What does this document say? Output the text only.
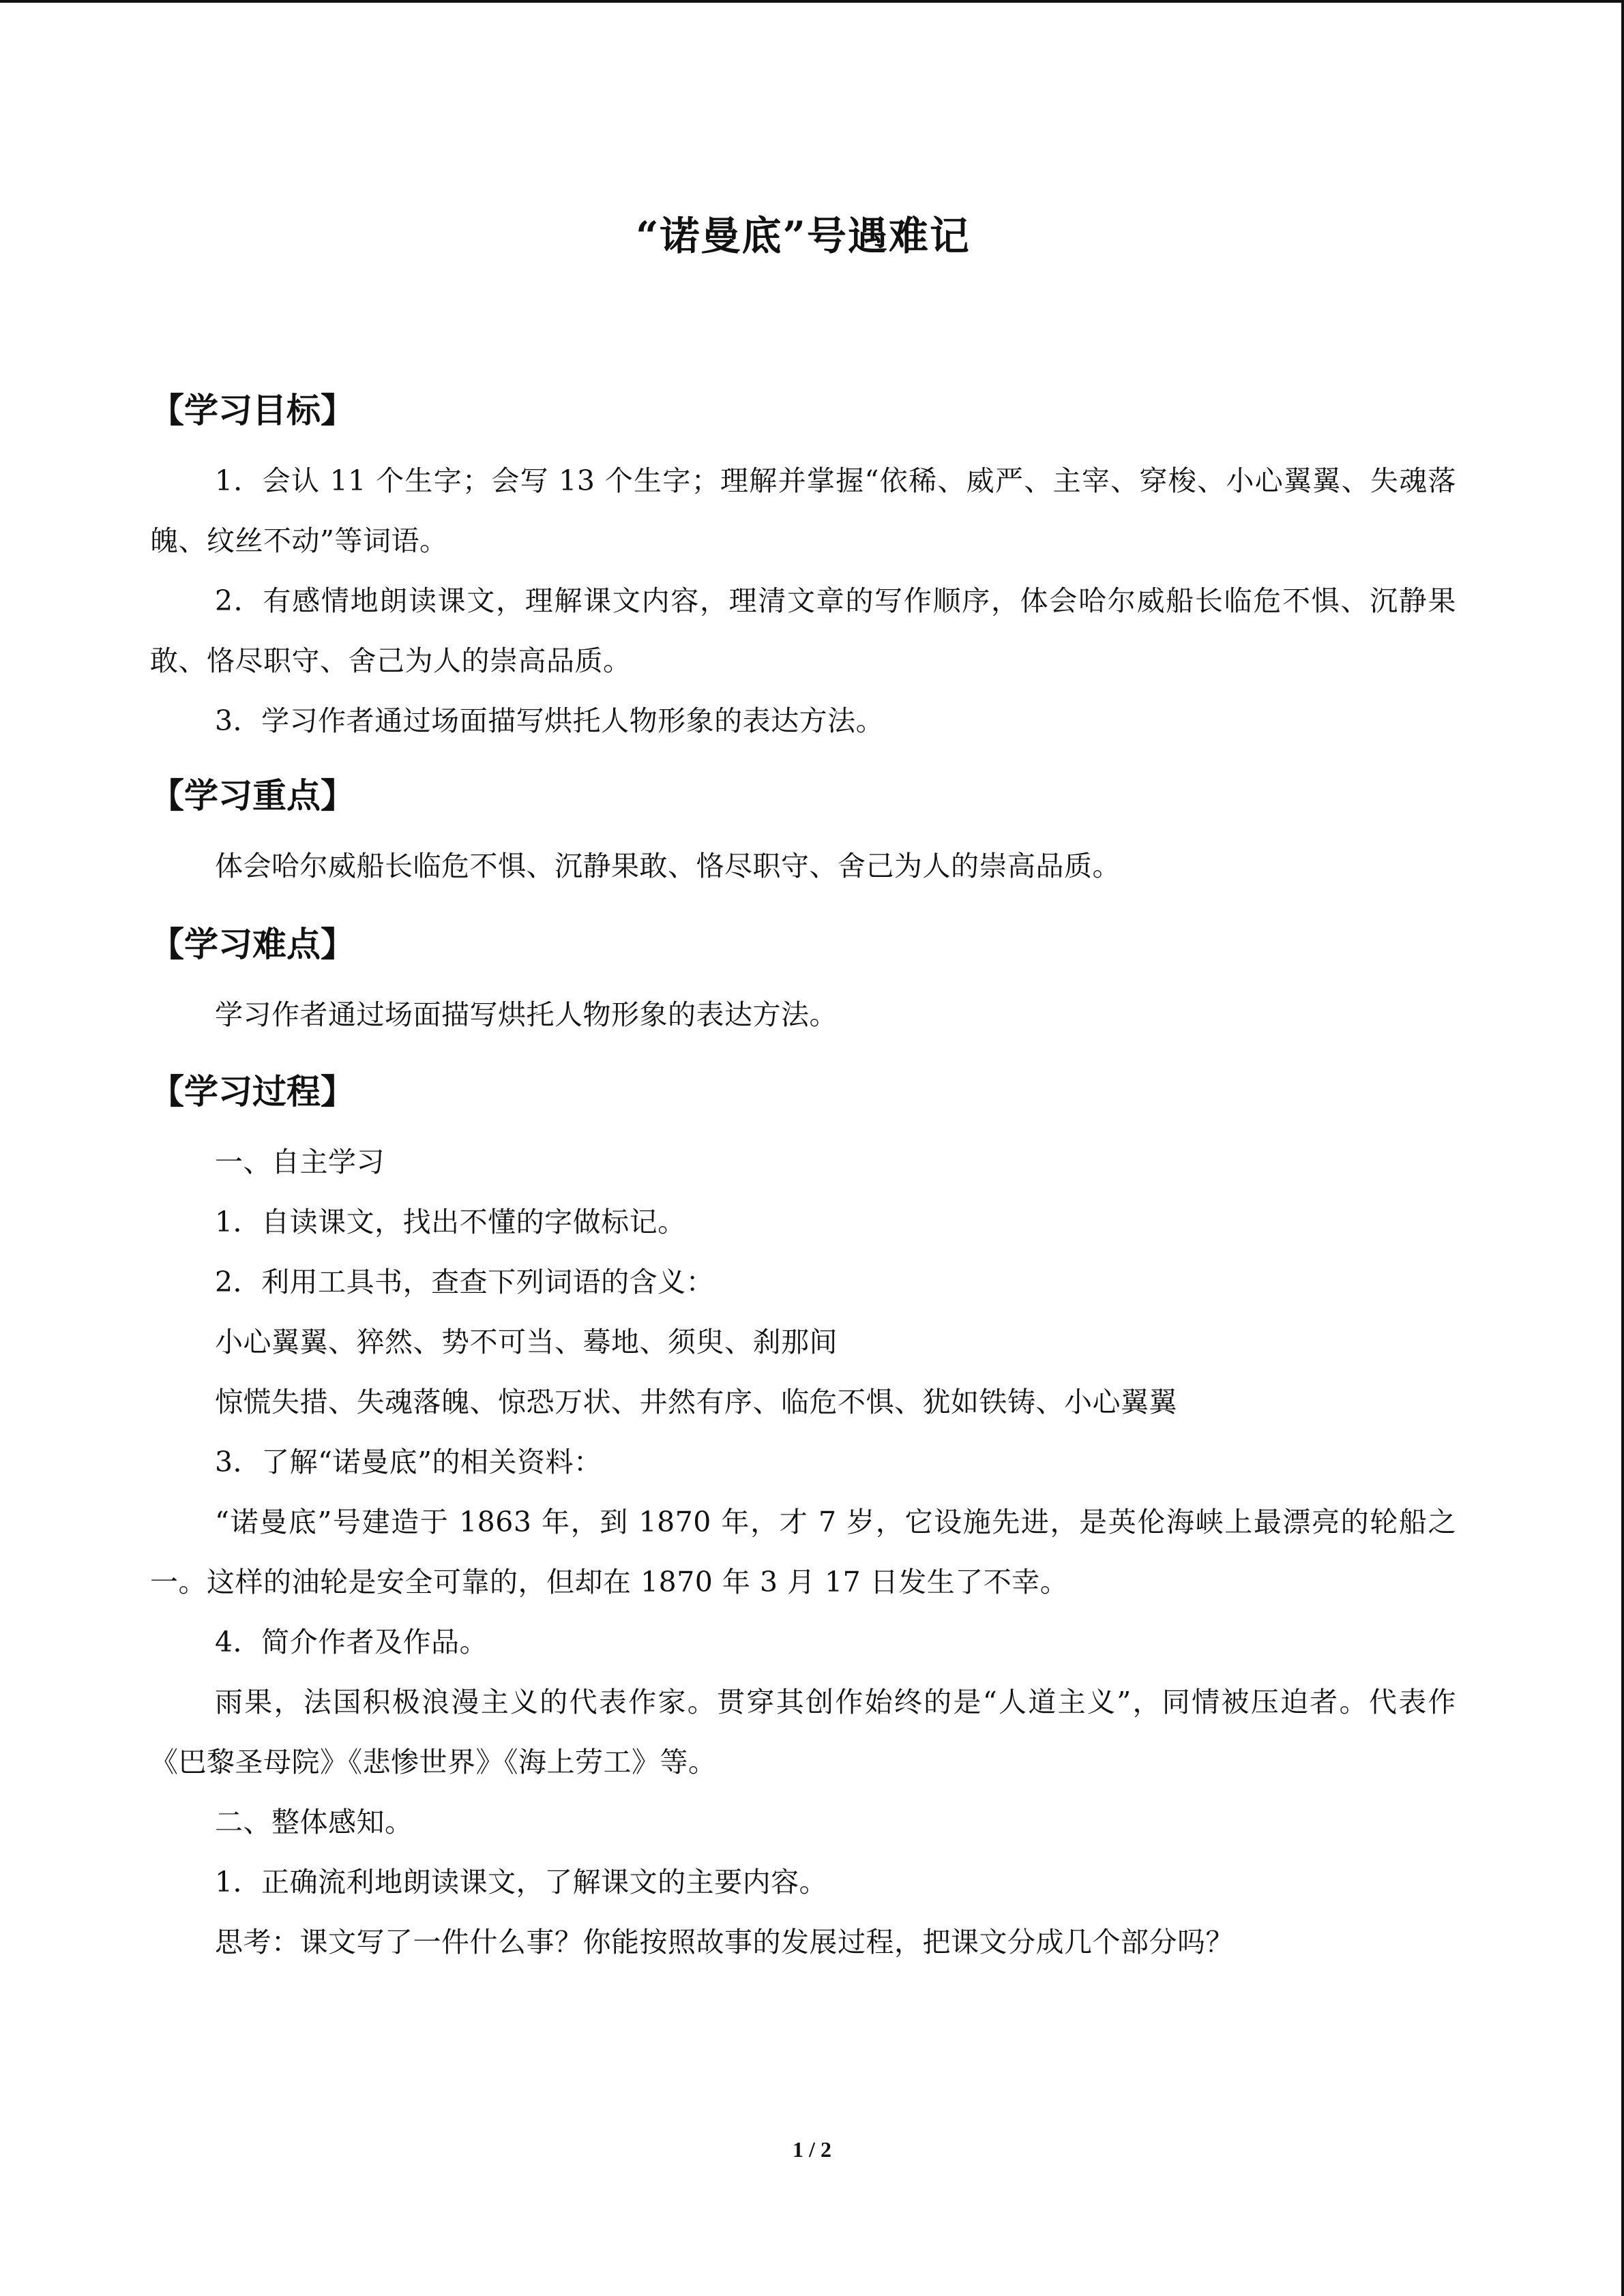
“诺曼底”号遇难记
【学习目标】

1．会认 11 个生字；会写 13 个生字；理解并掌握“依稀、威严、主宰、穿梭、小心翼翼、失魂落魄、纹丝不动”等词语。

2．有感情地朗读课文，理解课文内容，理清文章的写作顺序，体会哈尔威船长临危不惧、沉静果敢、恪尽职守、舍己为人的崇高品质。

3．学习作者通过场面描写烘托人物形象的表达方法。

【学习重点】

体会哈尔威船长临危不惧、沉静果敢、恪尽职守、舍己为人的崇高品质。

【学习难点】

学习作者通过场面描写烘托人物形象的表达方法。

【学习过程】

一、自主学习

1．自读课文，找出不懂的字做标记。

2．利用工具书，查查下列词语的含义：

小心翼翼、猝然、势不可当、蓦地、须臾、刹那间

惊慌失措、失魂落魄、惊恐万状、井然有序、临危不惧、犹如铁铸、小心翼翼

3．了解“诺曼底”的相关资料：

“诺曼底”号建造于 1863 年，到 1870 年，才 7 岁，它设施先进，是英伦海峡上最漂亮的轮船之一。这样的油轮是安全可靠的，但却在 1870 年 3 月 17 日发生了不幸。

4．简介作者及作品。

雨果，法国积极浪漫主义的代表作家。贯穿其创作始终的是“人道主义”，同情被压迫者。代表作《巴黎圣母院》《悲惨世界》《海上劳工》等。

二、整体感知。

1．正确流利地朗读课文，了解课文的主要内容。

思考：课文写了一件什么事？你能按照故事的发展过程，把课文分成几个部分吗？

1 / 2
